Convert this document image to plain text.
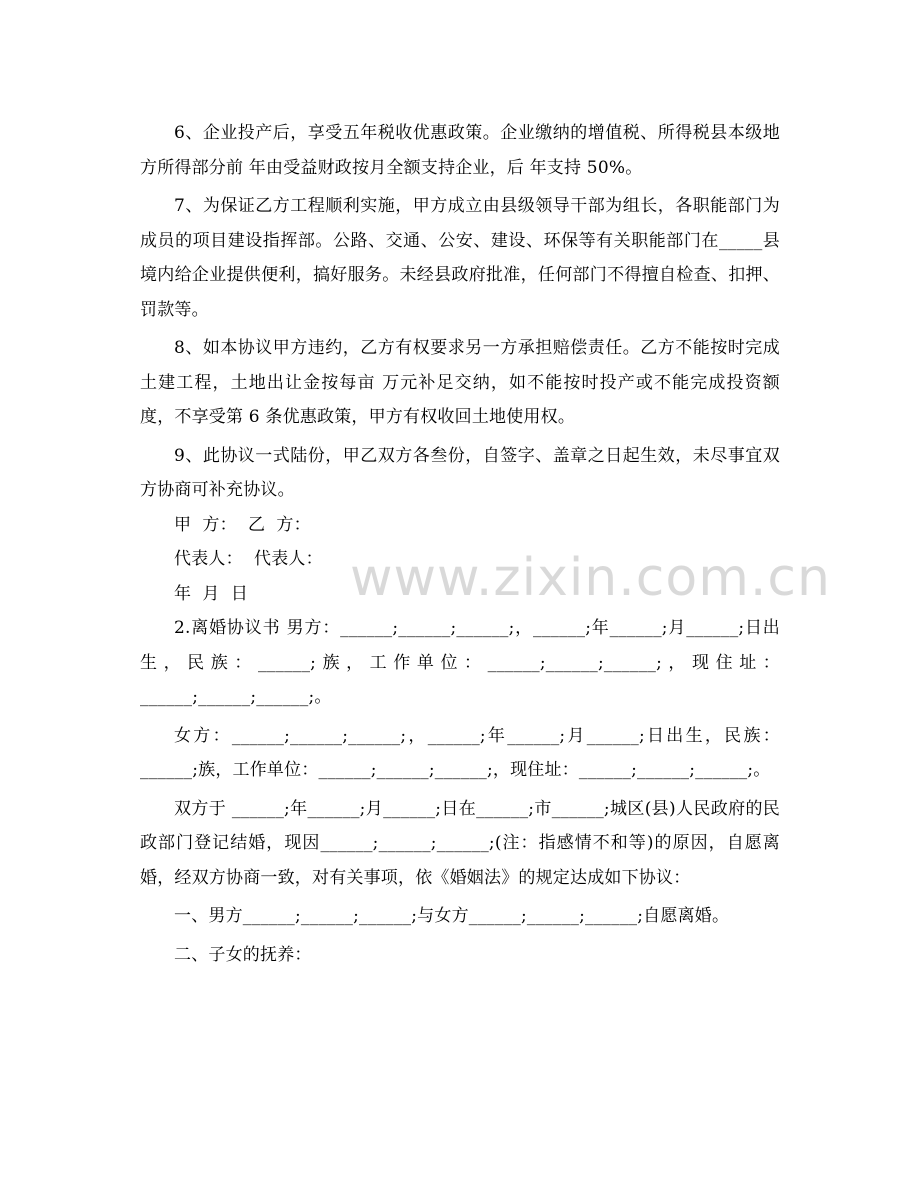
6、企业投产后，享受五年税收优惠政策。企业缴纳的增值税、所得税县本级地方所得部分前 年由受益财政按月全额支持企业，后 年支持 50%。

7、为保证乙方工程顺利实施，甲方成立由县级领导干部为组长，各职能部门为成员的项目建设指挥部。公路、交通、公安、建设、环保等有关职能部门在_____县境内给企业提供便利，搞好服务。未经县政府批准，任何部门不得擅自检查、扣押、罚款等。

8、如本协议甲方违约，乙方有权要求另一方承担赔偿责任。乙方不能按时完成土建工程，土地出让金按每亩 万元补足交纳，如不能按时投产或不能完成投资额度，不享受第 6 条优惠政策，甲方有权收回土地使用权。

9、此协议一式陆份，甲乙双方各叁份，自签字、盖章之日起生效，未尽事宜双方协商可补充协议。

甲  方：  乙  方：

代表人：  代表人：

年  月  日

2.离婚协议书 男方：______;______;______;，______;年______;月______;日出生，民族：______;族，工作单位：______;______;______;，现住址：______;______;______;。

女方：______;______;______;，______;年______;月______;日出生，民族：______;族，工作单位：______;______;______;，现住址：______;______;______;。

双方于 ______;年______;月______;日在______;市______;城区(县)人民政府的民政部门登记结婚，现因______;______;______;(注：指感情不和等)的原因，自愿离婚，经双方协商一致，对有关事项，依《婚姻法》的规定达成如下协议：

一、男方______;______;______;与女方______;______;______;自愿离婚。

二、子女的抚养：

www.zixin.com.cn
